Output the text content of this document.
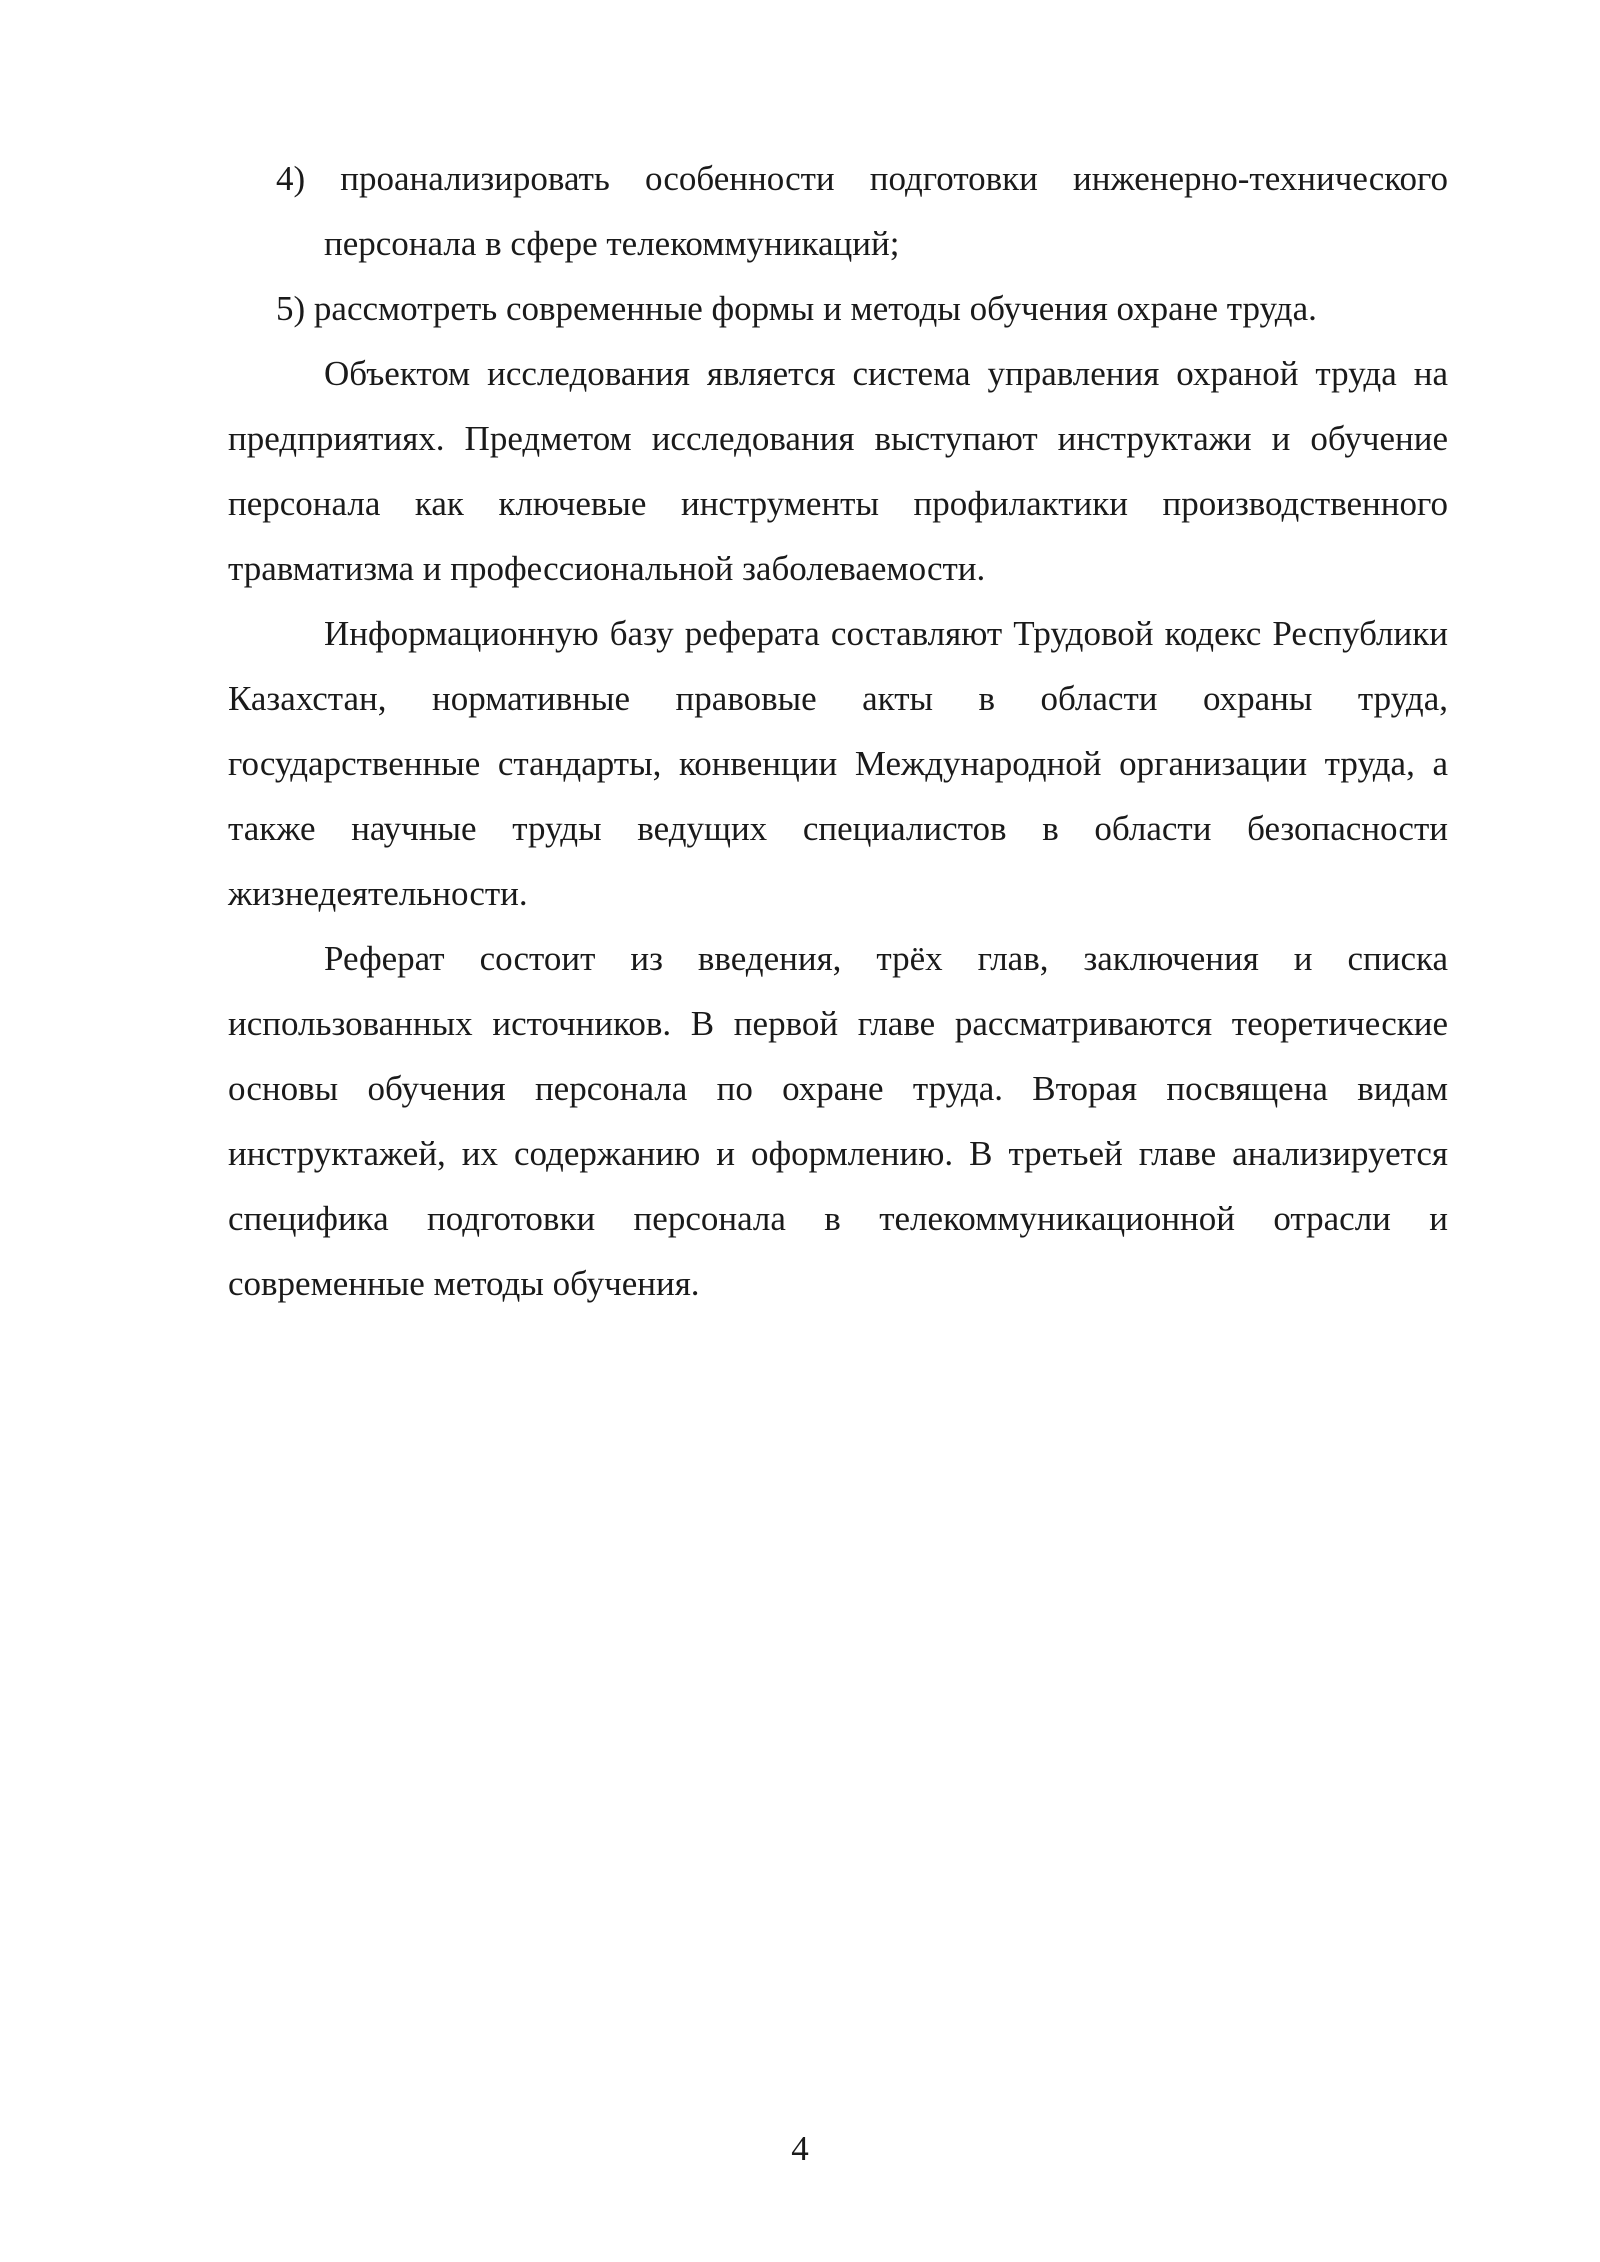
4) проанализировать особенности подготовки инженерно-технического персонала в сфере телекоммуникаций;

5) рассмотреть современные формы и методы обучения охране труда.

Объектом исследования является система управления охраной труда на предприятиях. Предметом исследования выступают инструктажи и обучение персонала как ключевые инструменты профилактики производственного травматизма и профессиональной заболеваемости.

Информационную базу реферата составляют Трудовой кодекс Республики Казахстан, нормативные правовые акты в области охраны труда, государственные стандарты, конвенции Международной организации труда, а также научные труды ведущих специалистов в области безопасности жизнедеятельности.

Реферат состоит из введения, трёх глав, заключения и списка использованных источников. В первой главе рассматриваются теоретические основы обучения персонала по охране труда. Вторая посвящена видам инструктажей, их содержанию и оформлению. В третьей главе анализируется специфика подготовки персонала в телекоммуникационной отрасли и современные методы обучения.

4
